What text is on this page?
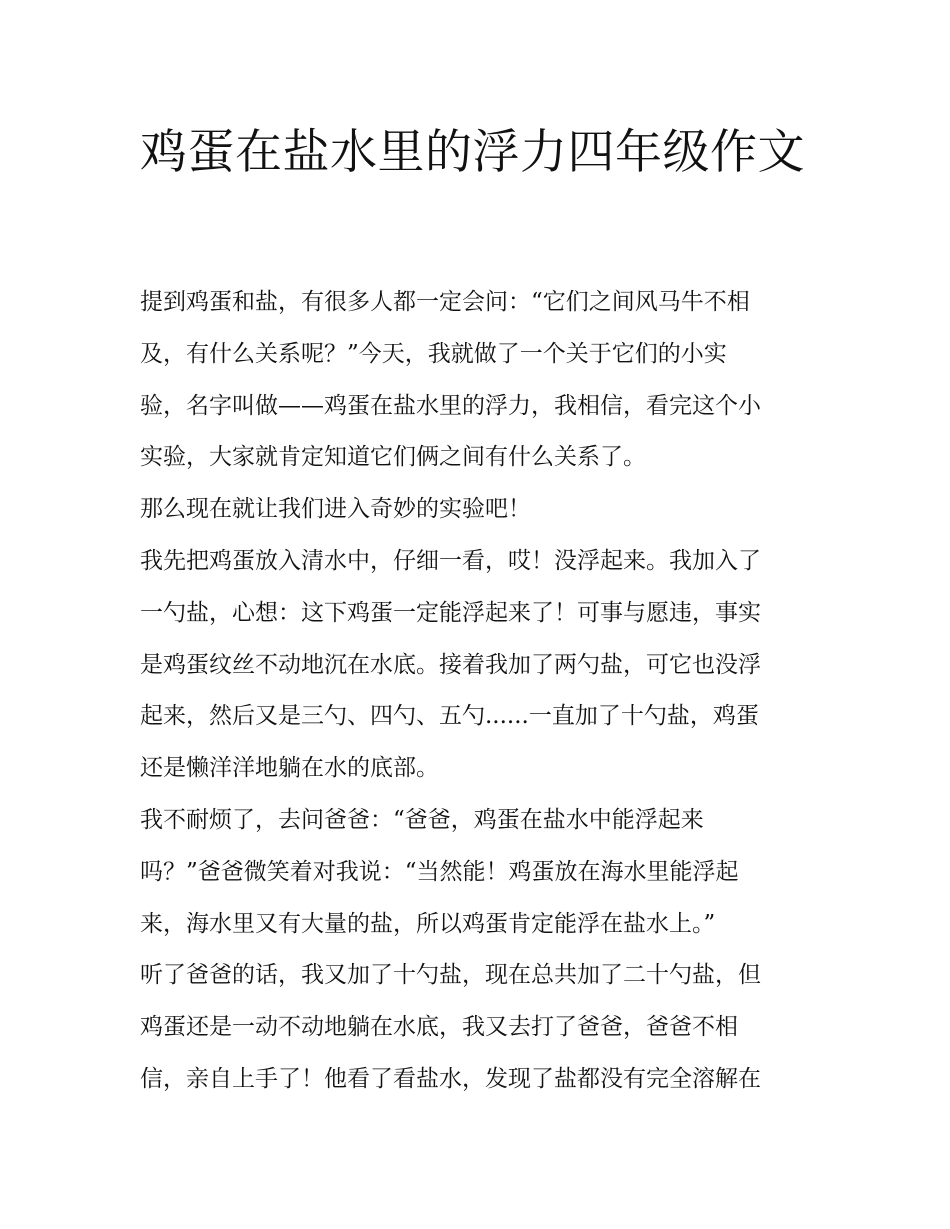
鸡蛋在盐水里的浮力四年级作文

提到鸡蛋和盐，有很多人都一定会问：“它们之间风马牛不相

及，有什么关系呢？”今天，我就做了一个关于它们的小实

验，名字叫做——鸡蛋在盐水里的浮力，我相信，看完这个小

实验，大家就肯定知道它们俩之间有什么关系了。

那么现在就让我们进入奇妙的实验吧！

我先把鸡蛋放入清水中，仔细一看，哎！没浮起来。我加入了

一勺盐，心想：这下鸡蛋一定能浮起来了！可事与愿违，事实

是鸡蛋纹丝不动地沉在水底。接着我加了两勺盐，可它也没浮

起来，然后又是三勺、四勺、五勺......一直加了十勺盐，鸡蛋

还是懒洋洋地躺在水的底部。

我不耐烦了，去问爸爸：“爸爸，鸡蛋在盐水中能浮起来

吗？”爸爸微笑着对我说：“当然能！鸡蛋放在海水里能浮起

来，海水里又有大量的盐，所以鸡蛋肯定能浮在盐水上。”

听了爸爸的话，我又加了十勺盐，现在总共加了二十勺盐，但

鸡蛋还是一动不动地躺在水底，我又去打了爸爸，爸爸不相

信，亲自上手了！他看了看盐水，发现了盐都没有完全溶解在
